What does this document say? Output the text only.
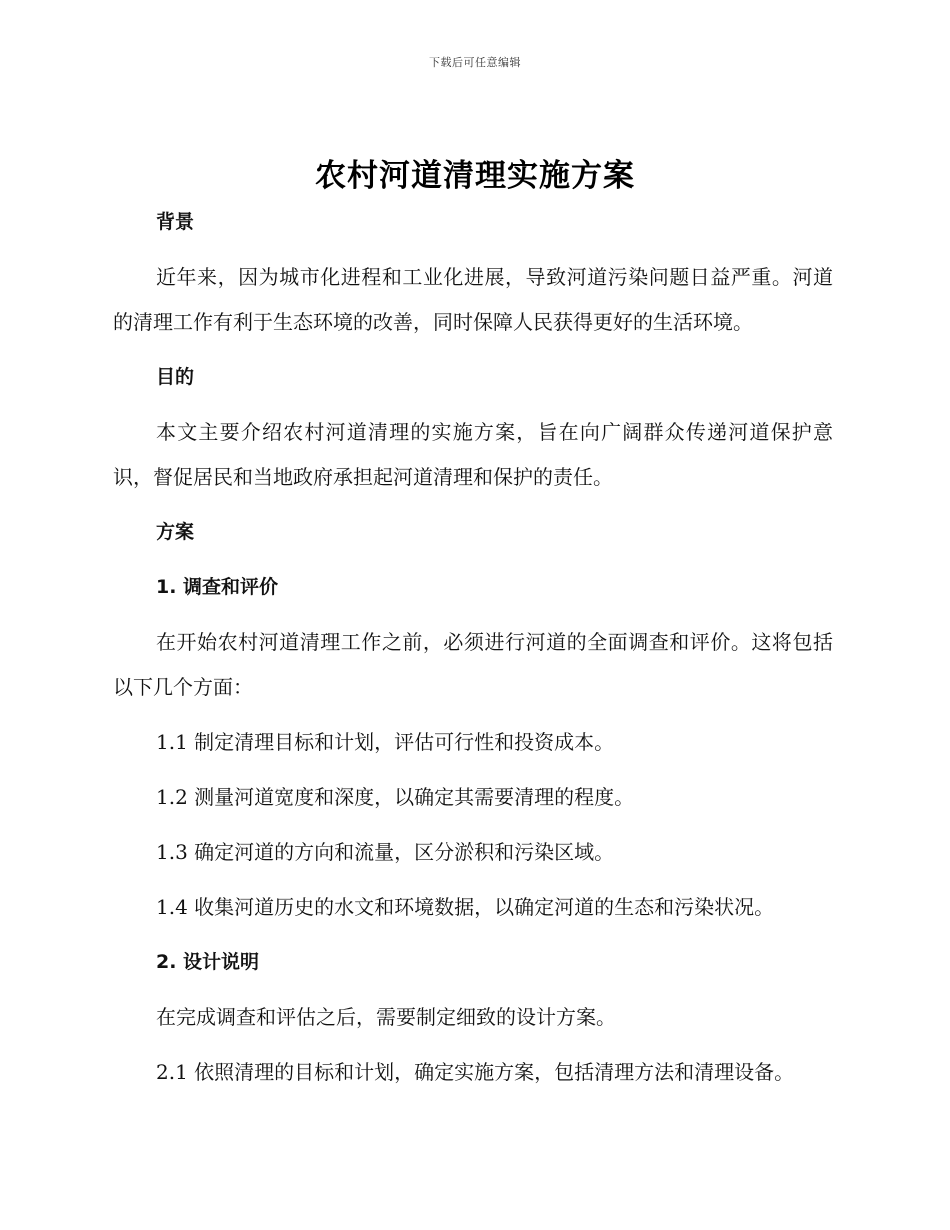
下载后可任意编辑
农村河道清理实施方案

背景

近年来，因为城市化进程和工业化进展，导致河道污染问题日益严重。河道的清理工作有利于生态环境的改善，同时保障人民获得更好的生活环境。

目的

本文主要介绍农村河道清理的实施方案，旨在向广阔群众传递河道保护意识，督促居民和当地政府承担起河道清理和保护的责任。

方案

1. 调查和评价

在开始农村河道清理工作之前，必须进行河道的全面调查和评价。这将包括以下几个方面：

1.1 制定清理目标和计划，评估可行性和投资成本。

1.2 测量河道宽度和深度，以确定其需要清理的程度。

1.3 确定河道的方向和流量，区分淤积和污染区域。

1.4 收集河道历史的水文和环境数据，以确定河道的生态和污染状况。

2. 设计说明

在完成调查和评估之后，需要制定细致的设计方案。

2.1 依照清理的目标和计划，确定实施方案，包括清理方法和清理设备。
